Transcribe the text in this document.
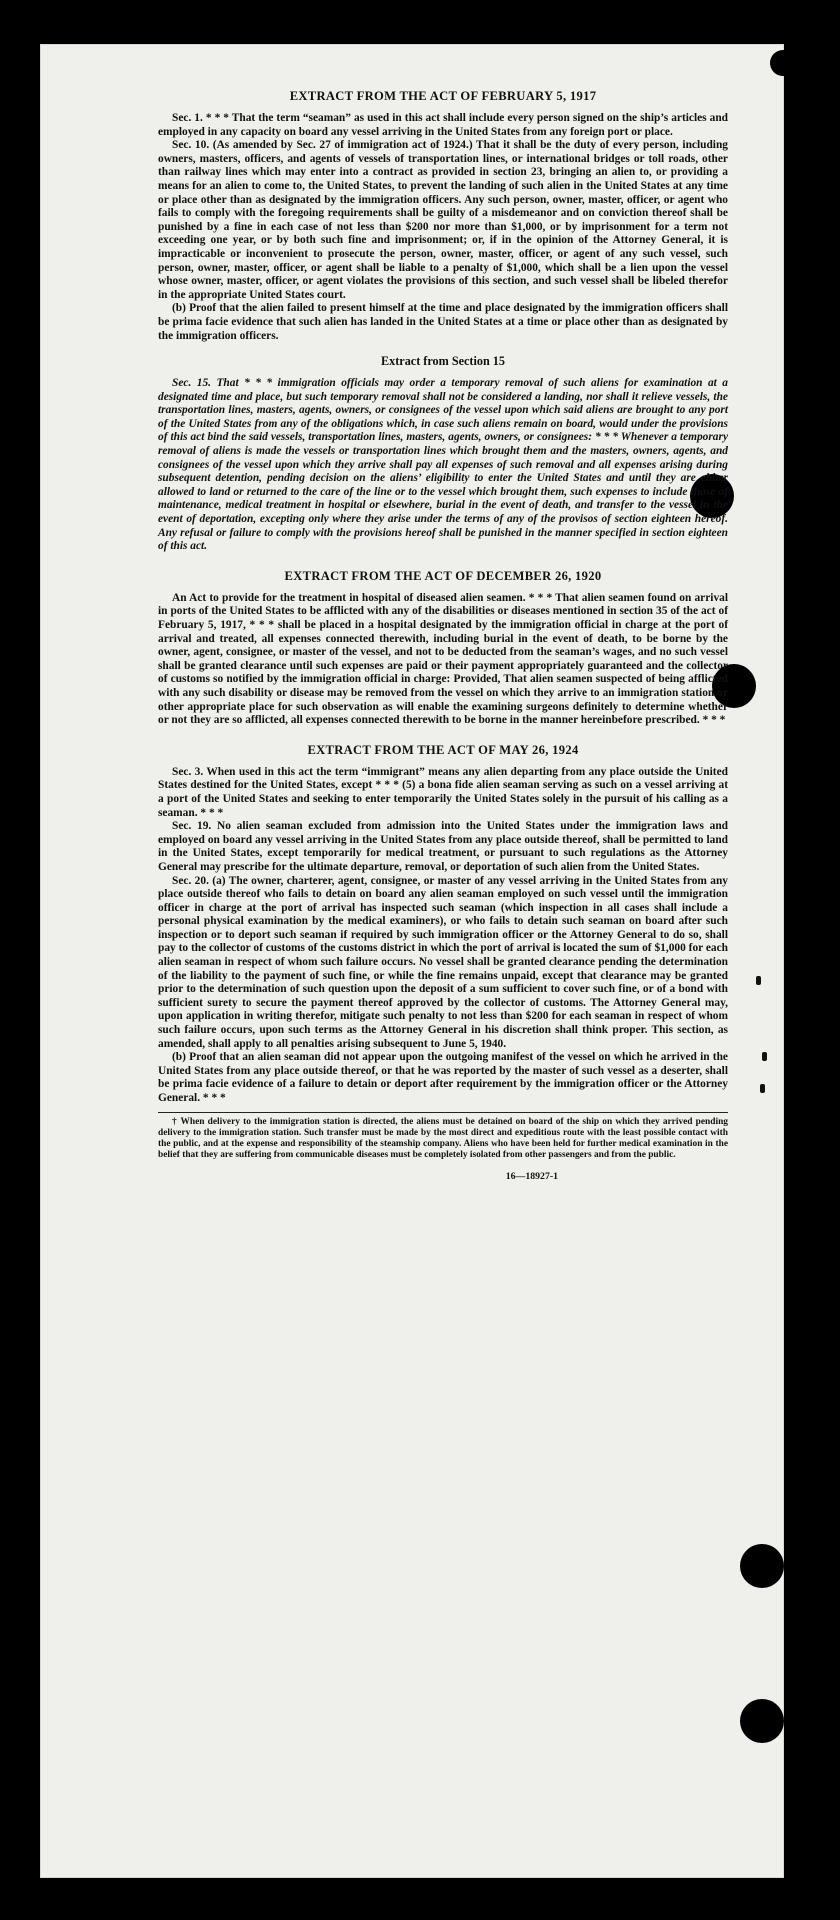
EXTRACT FROM THE ACT OF FEBRUARY 5, 1917

Sec. 1. * * * That the term “seaman” as used in this act shall include every person signed on the ship’s articles and employed in any capacity on board any vessel arriving in the United States from any foreign port or place.

Sec. 10. (As amended by Sec. 27 of immigration act of 1924.) That it shall be the duty of every person, including owners, masters, officers, and agents of vessels of transportation lines, or international bridges or toll roads, other than railway lines which may enter into a contract as provided in section 23, bringing an alien to, or providing a means for an alien to come to, the United States, to prevent the landing of such alien in the United States at any time or place other than as designated by the immigration officers. Any such person, owner, master, officer, or agent who fails to comply with the foregoing requirements shall be guilty of a misdemeanor and on conviction thereof shall be punished by a fine in each case of not less than $200 nor more than $1,000, or by imprisonment for a term not exceeding one year, or by both such fine and imprisonment; or, if in the opinion of the Attorney General, it is impracticable or inconvenient to prosecute the person, owner, master, officer, or agent of any such vessel, such person, owner, master, officer, or agent shall be liable to a penalty of $1,000, which shall be a lien upon the vessel whose owner, master, officer, or agent violates the provisions of this section, and such vessel shall be libeled therefor in the appropriate United States court.

(b) Proof that the alien failed to present himself at the time and place designated by the immigration officers shall be prima facie evidence that such alien has landed in the United States at a time or place other than as designated by the immigration officers.

Extract from Section 15

Sec. 15. That * * * immigration officials may order a temporary removal of such aliens for examination at a designated time and place, but such temporary removal shall not be considered a landing, nor shall it relieve vessels, the transportation lines, masters, agents, owners, or consignees of the vessel upon which said aliens are brought to any port of the United States from any of the obligations which, in case such aliens remain on board, would under the provisions of this act bind the said vessels, transportation lines, masters, agents, owners, or consignees: * * * Whenever a temporary removal of aliens is made the vessels or transportation lines which brought them and the masters, owners, agents, and consignees of the vessel upon which they arrive shall pay all expenses of such removal and all expenses arising during subsequent detention, pending decision on the aliens’ eligibility to enter the United States and until they are either allowed to land or returned to the care of the line or to the vessel which brought them, such expenses to include those of maintenance, medical treatment in hospital or elsewhere, burial in the event of death, and transfer to the vessel in the event of deportation, excepting only where they arise under the terms of any of the provisos of section eighteen hereof. Any refusal or failure to comply with the provisions hereof shall be punished in the manner specified in section eighteen of this act.

EXTRACT FROM THE ACT OF DECEMBER 26, 1920

An Act to provide for the treatment in hospital of diseased alien seamen. * * * That alien seamen found on arrival in ports of the United States to be afflicted with any of the disabilities or diseases mentioned in section 35 of the act of February 5, 1917, * * * shall be placed in a hospital designated by the immigration official in charge at the port of arrival and treated, all expenses connected therewith, including burial in the event of death, to be borne by the owner, agent, consignee, or master of the vessel, and not to be deducted from the seaman’s wages, and no such vessel shall be granted clearance until such expenses are paid or their payment appropriately guaranteed and the collector of customs so notified by the immigration official in charge: Provided, That alien seamen suspected of being afflicted with any such disability or disease may be removed from the vessel on which they arrive to an immigration station or other appropriate place for such observation as will enable the examining surgeons definitely to determine whether or not they are so afflicted, all expenses connected therewith to be borne in the manner hereinbefore prescribed. * * *

EXTRACT FROM THE ACT OF MAY 26, 1924

Sec. 3. When used in this act the term “immigrant” means any alien departing from any place outside the United States destined for the United States, except * * * (5) a bona fide alien seaman serving as such on a vessel arriving at a port of the United States and seeking to enter temporarily the United States solely in the pursuit of his calling as a seaman. * * *

Sec. 19. No alien seaman excluded from admission into the United States under the immigration laws and employed on board any vessel arriving in the United States from any place outside thereof, shall be permitted to land in the United States, except temporarily for medical treatment, or pursuant to such regulations as the Attorney General may prescribe for the ultimate departure, removal, or deportation of such alien from the United States.

Sec. 20. (a) The owner, charterer, agent, consignee, or master of any vessel arriving in the United States from any place outside thereof who fails to detain on board any alien seaman employed on such vessel until the immigration officer in charge at the port of arrival has inspected such seaman (which inspection in all cases shall include a personal physical examination by the medical examiners), or who fails to detain such seaman on board after such inspection or to deport such seaman if required by such immigration officer or the Attorney General to do so, shall pay to the collector of customs of the customs district in which the port of arrival is located the sum of $1,000 for each alien seaman in respect of whom such failure occurs. No vessel shall be granted clearance pending the determination of the liability to the payment of such fine, or while the fine remains unpaid, except that clearance may be granted prior to the determination of such question upon the deposit of a sum sufficient to cover such fine, or of a bond with sufficient surety to secure the payment thereof approved by the collector of customs. The Attorney General may, upon application in writing therefor, mitigate such penalty to not less than $200 for each seaman in respect of whom such failure occurs, upon such terms as the Attorney General in his discretion shall think proper. This section, as amended, shall apply to all penalties arising subsequent to June 5, 1940.

(b) Proof that an alien seaman did not appear upon the outgoing manifest of the vessel on which he arrived in the United States from any place outside thereof, or that he was reported by the master of such vessel as a deserter, shall be prima facie evidence of a failure to detain or deport after requirement by the immigration officer or the Attorney General. * * *

† When delivery to the immigration station is directed, the aliens must be detained on board of the ship on which they arrived pending delivery to the immigration station. Such transfer must be made by the most direct and expeditious route with the least possible contact with the public, and at the expense and responsibility of the steamship company. Aliens who have been held for further medical examination in the belief that they are suffering from communicable diseases must be completely isolated from other passengers and from the public.

16—18927-1
